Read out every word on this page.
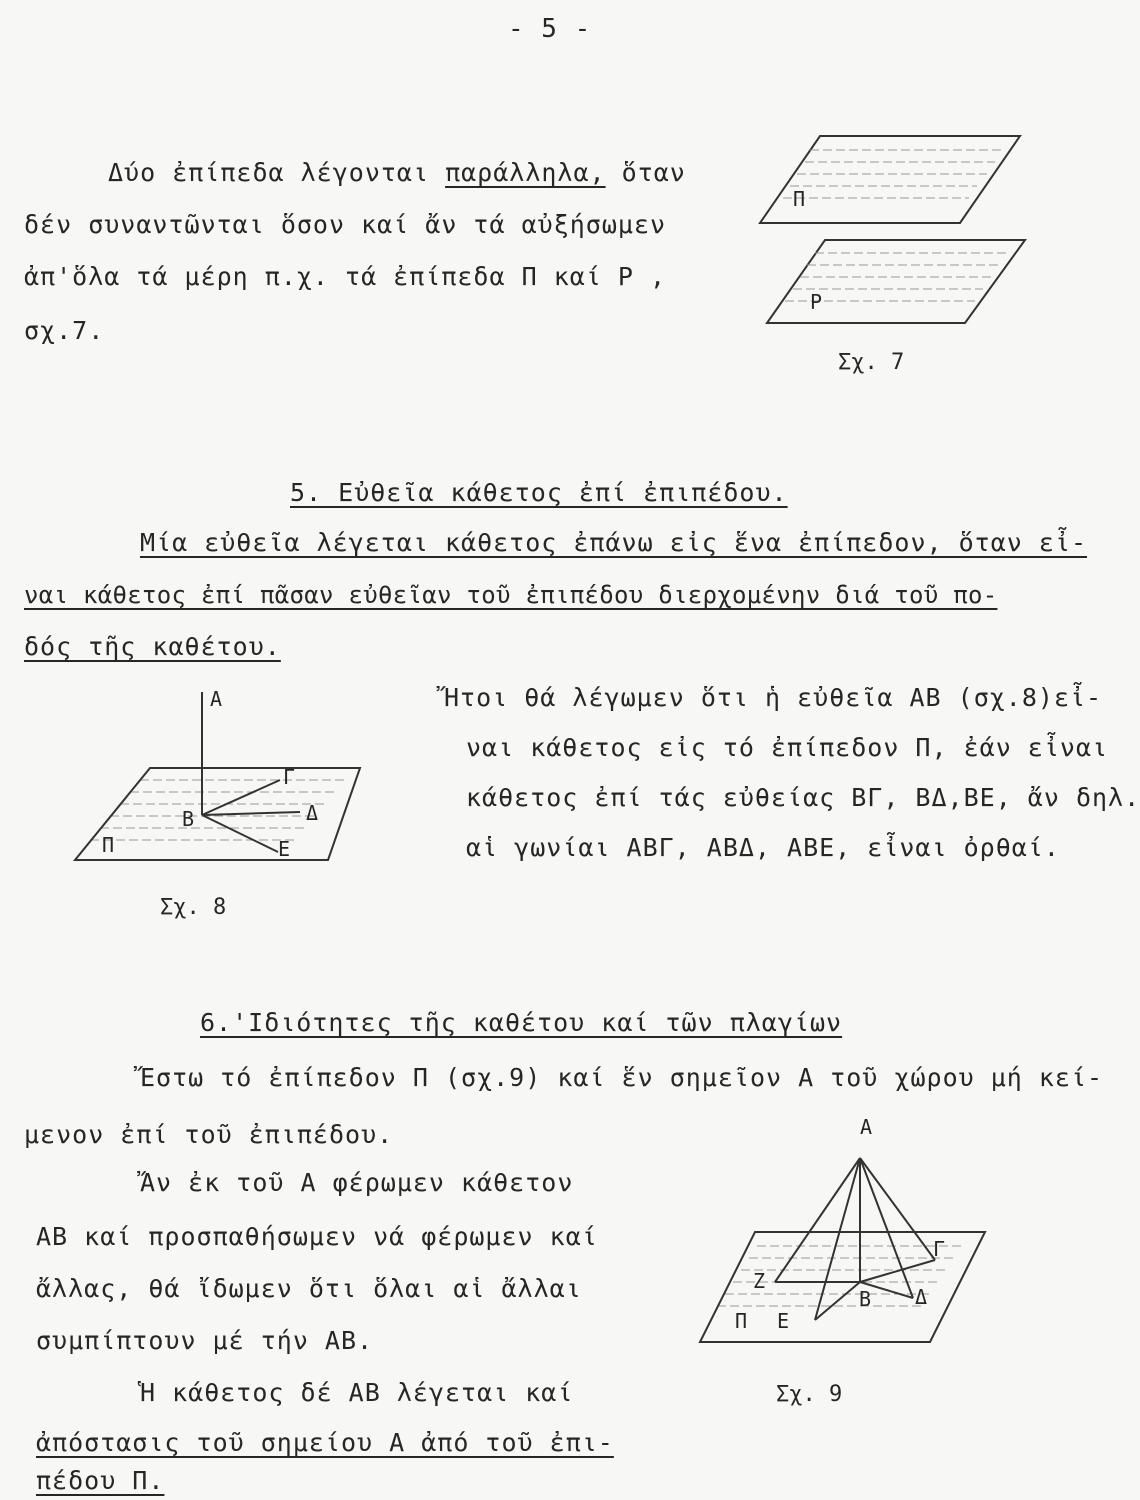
- 5 -
Δύο ἐπίπεδα λέγονται παράλληλα, ὅταν
δέν συναντῶνται ὅσον καί ἄν τά αὐξήσωμεν
ἀπ'ὅλα τά μέρη π.χ. τά ἐπίπεδα Π καί Ρ ,
σχ.7.
Π
Ρ
Σχ. 7
5. Εὐθεῖα κάθετος ἐπί ἐπιπέδου.
Μία εὐθεῖα λέγεται κάθετος ἐπάνω εἰς ἕνα ἐπίπεδον, ὅταν εἶ-
ναι κάθετος ἐπί πᾶσαν εὐθεῖαν τοῦ ἐπιπέδου διερχομένην διά τοῦ πο-
δός τῆς καθέτου.
Α
Γ
Δ
Β
Ε
Π
Σχ. 8
Ἤτοι θά λέγωμεν ὅτι ἡ εὐθεῖα ΑΒ (σχ.8)εἶ-
ναι κάθετος εἰς τό ἐπίπεδον Π, ἐάν εἶναι
κάθετος ἐπί τάς εὐθείας ΒΓ, ΒΔ,ΒΕ, ἄν δηλ.
αἱ γωνίαι ΑΒΓ, ΑΒΔ, ΑΒΕ, εἶναι ὀρθαί.
6.'Ιδιότητες τῆς καθέτου καί τῶν πλαγίων
Ἔστω τό ἐπίπεδον Π (σχ.9) καί ἕν σημεῖον Α τοῦ χώρου μή κεί-
μενον ἐπί τοῦ ἐπιπέδου.
Ἄν ἐκ τοῦ Α φέρωμεν κάθετον
ΑΒ καί προσπαθήσωμεν νά φέρωμεν καί
ἄλλας, θά ἴδωμεν ὅτι ὅλαι αἱ ἄλλαι
συμπίπτουν μέ τήν ΑΒ.
Ἡ κάθετος δέ ΑΒ λέγεται καί
ἀπόστασις τοῦ σημείου Α ἀπό τοῦ ἐπι-
πέδου Π.
Α
Γ
Ζ
Β Δ
Π Ε
Σχ. 9
